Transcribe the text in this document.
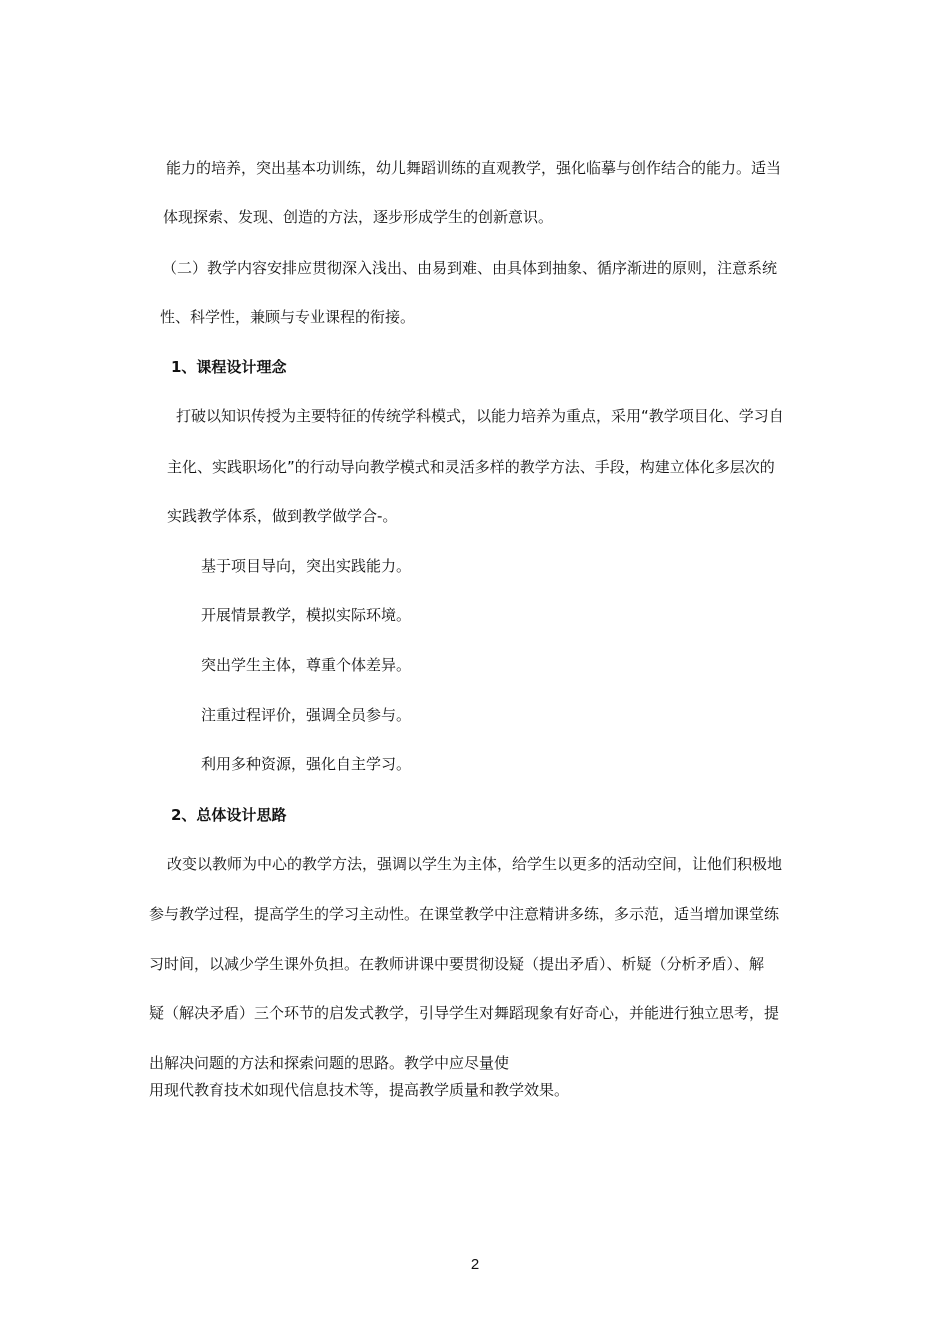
能力的培养，突出基本功训练，幼儿舞蹈训练的直观教学，强化临摹与创作结合的能力。适当
体现探索、发现、创造的方法，逐步形成学生的创新意识。
（二）教学内容安排应贯彻深入浅出、由易到难、由具体到抽象、循序渐进的原则，注意系统
性、科学性，兼顾与专业课程的衔接。
1、课程设计理念
打破以知识传授为主要特征的传统学科模式，以能力培养为重点，采用“教学项目化、学习自
主化、实践职场化”的行动导向教学模式和灵活多样的教学方法、手段，构建立体化多层次的
实践教学体系，做到教学做学合-。
基于项目导向，突出实践能力。
开展情景教学，模拟实际环境。
突出学生主体，尊重个体差异。
注重过程评价，强调全员参与。
利用多种资源，强化自主学习。
2、总体设计思路
改变以教师为中心的教学方法，强调以学生为主体，给学生以更多的活动空间，让他们积极地
参与教学过程，提高学生的学习主动性。在课堂教学中注意精讲多练，多示范，适当增加课堂练
习时间，以减少学生课外负担。在教师讲课中要贯彻设疑（提出矛盾）、析疑（分析矛盾）、解
疑（解决矛盾）三个环节的启发式教学，引导学生对舞蹈现象有好奇心，并能进行独立思考，提
出解决问题的方法和探索问题的思路。教学中应尽量使
用现代教育技术如现代信息技术等，提高教学质量和教学效果。
2
